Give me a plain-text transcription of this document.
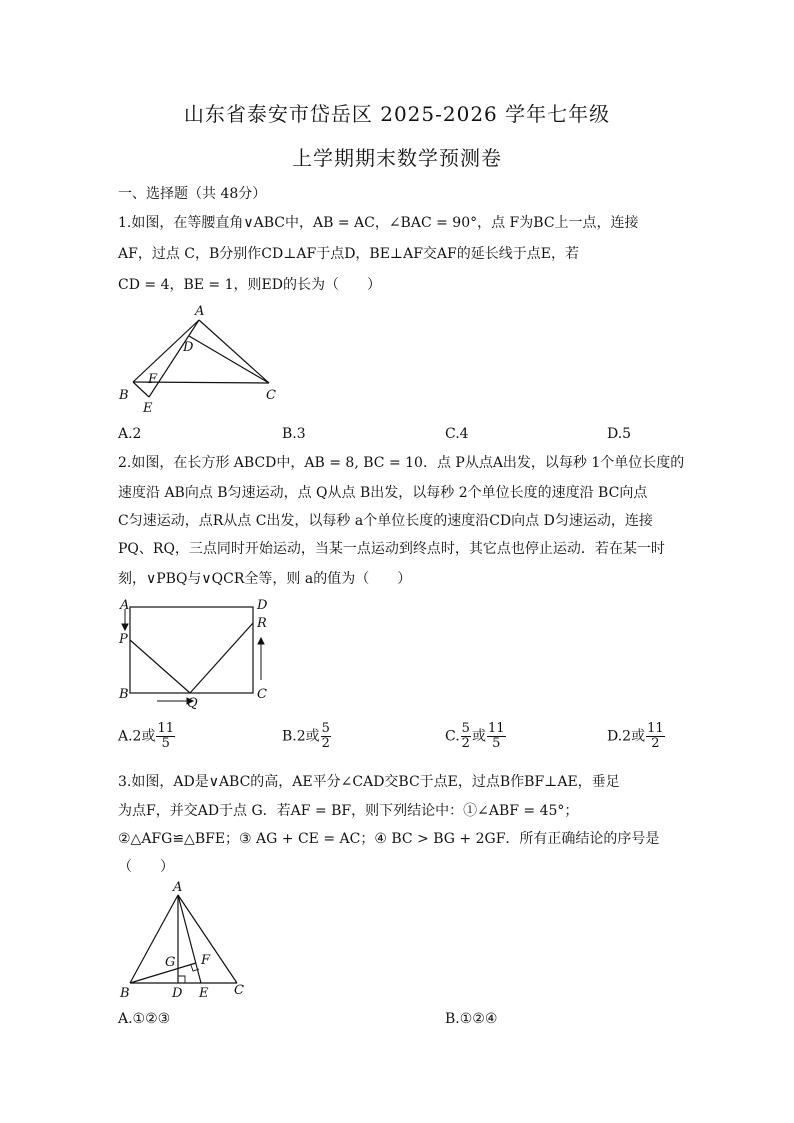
山东省泰安市岱岳区 2025-2026 学年七年级
上学期期末数学预测卷
一、选择题（共 48分）
1.如图，在等腰直角∨ABC中，AB = AC，∠BAC = 90°，点 F为BC上一点，连接
AF，过点 C，B分别作CD⊥AF于点D，BE⊥AF交AF的延长线于点E，若
CD = 4，BE = 1，则ED的长为（　　）
A
D
F
B
E
C
A.2	B.3	C.4	D.5
2.如图，在长方形 ABCD中，AB = 8, BC = 10．点 P从点A出发，以每秒 1个单位长度的
速度沿 AB向点 B匀速运动，点 Q从点 B出发，以每秒 2个单位长度的速度沿 BC向点
C匀速运动，点R从点 C出发，以每秒 a个单位长度的速度沿CD向点 D匀速运动，连接
PQ、RQ，三点同时开始运动，当某一点运动到终点时，其它点也停止运动．若在某一时
刻，∨PBQ与∨QCR全等，则 a的值为（　　）
A	D
P
R
B	C
Q
A.2或 $\frac{11}{5}$	B.2或 $\frac{5}{2}$	C. $\frac{5}{2}$ 或 $\frac{11}{5}$	D.2或 $\frac{11}{2}$
3.如图，AD是∨ABC的高，AE平分∠CAD交BC于点E，过点B作BF⊥AE，垂足
为点F，并交AD于点 G．若AF = BF，则下列结论中：①∠ABF = 45°；
②△AFG≌△BFE；③ AG + CE = AC；④ BC > BG + 2GF．所有正确结论的序号是
（　　）
A
G F
B	D E C
A.①②③	B.①②④
